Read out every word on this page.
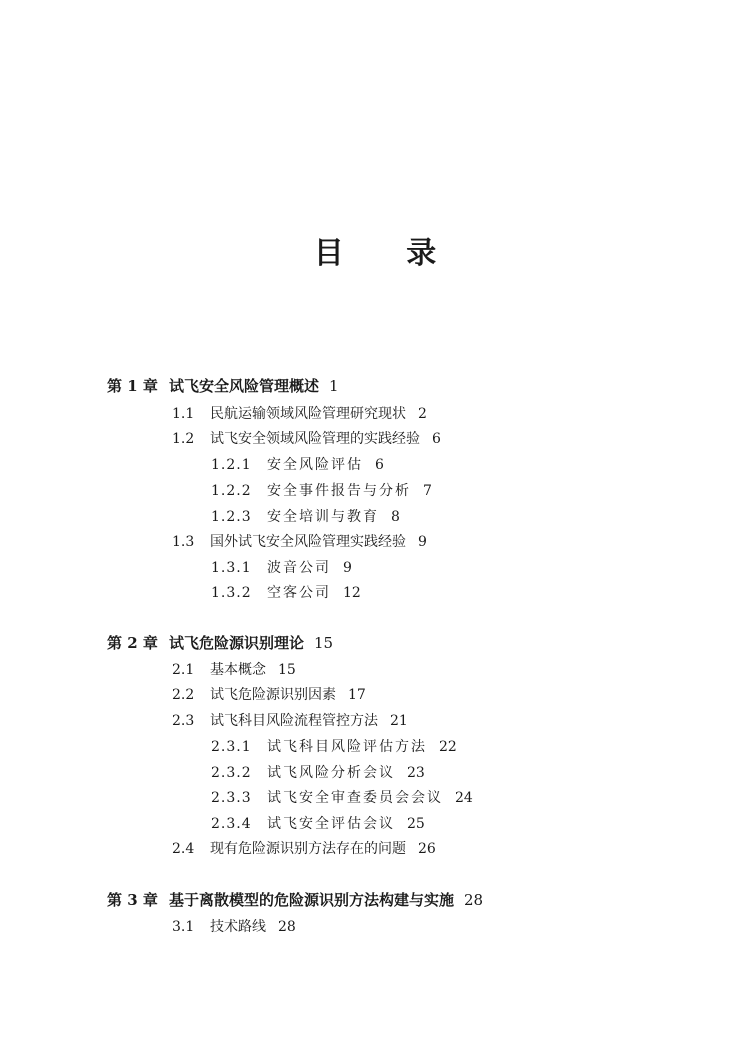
目 录
第 1 章 试飞安全风险管理概述 1
1.1 民航运输领域风险管理研究现状 2
1.2 试飞安全领域风险管理的实践经验 6
1.2.1 安全风险评估 6
1.2.2 安全事件报告与分析 7
1.2.3 安全培训与教育 8
1.3 国外试飞安全风险管理实践经验 9
1.3.1 波音公司 9
1.3.2 空客公司 12
第 2 章 试飞危险源识别理论 15
2.1 基本概念 15
2.2 试飞危险源识别因素 17
2.3 试飞科目风险流程管控方法 21
2.3.1 试飞科目风险评估方法 22
2.3.2 试飞风险分析会议 23
2.3.3 试飞安全审查委员会会议 24
2.3.4 试飞安全评估会议 25
2.4 现有危险源识别方法存在的问题 26
第 3 章 基于离散模型的危险源识别方法构建与实施 28
3.1 技术路线 28
